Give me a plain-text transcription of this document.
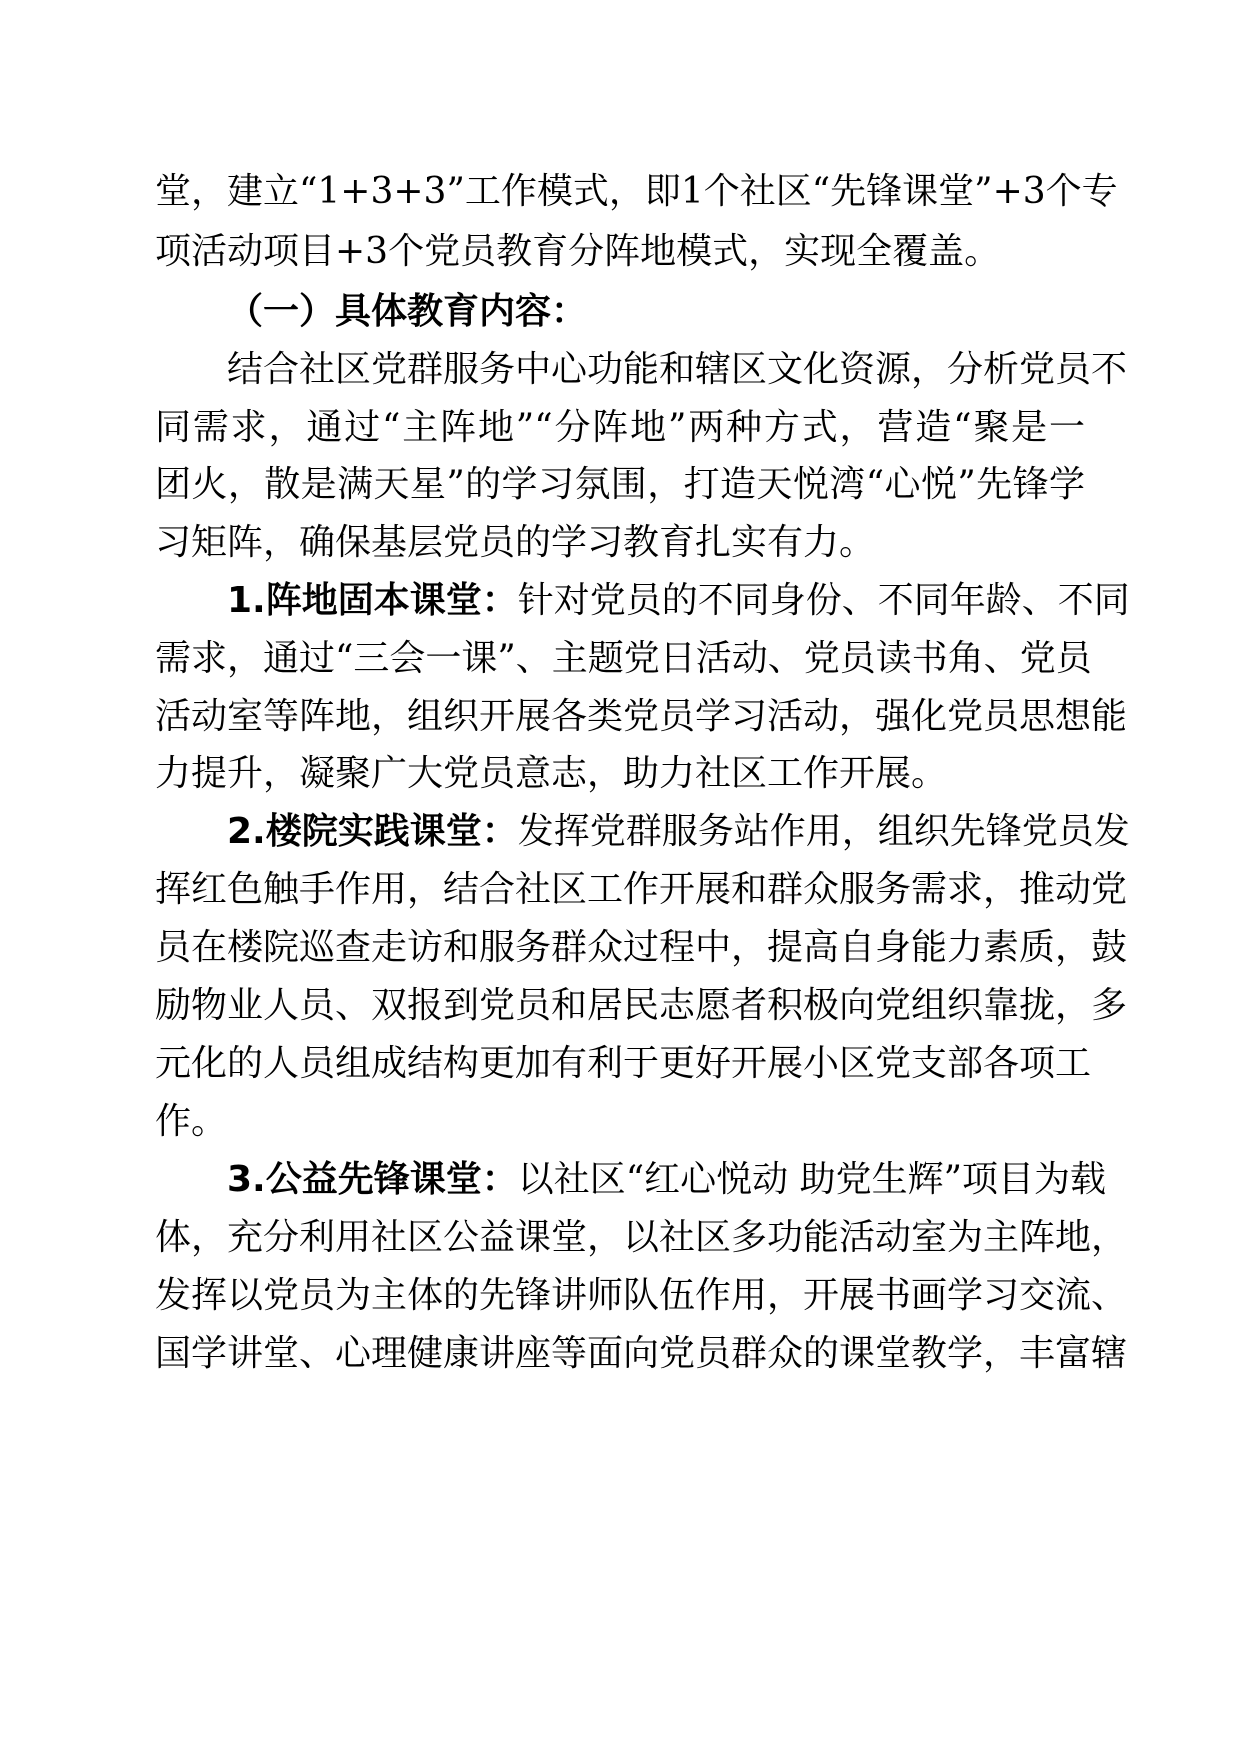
堂，建立“1+3+3”工作模式，即1个社区“先锋课堂”+3个专
项活动项目+3个党员教育分阵地模式，实现全覆盖。
（一）具体教育内容：
结合社区党群服务中心功能和辖区文化资源，分析党员不
同需求，通过“主阵地”“分阵地”两种方式，营造“聚是一
团火，散是满天星”的学习氛围，打造天悦湾“心悦”先锋学
习矩阵，确保基层党员的学习教育扎实有力。
1.阵地固本课堂：针对党员的不同身份、不同年龄、不同
需求，通过“三会一课”、主题党日活动、党员读书角、党员
活动室等阵地，组织开展各类党员学习活动，强化党员思想能
力提升，凝聚广大党员意志，助力社区工作开展。
2.楼院实践课堂：发挥党群服务站作用，组织先锋党员发
挥红色触手作用，结合社区工作开展和群众服务需求，推动党
员在楼院巡查走访和服务群众过程中，提高自身能力素质，鼓
励物业人员、双报到党员和居民志愿者积极向党组织靠拢，多
元化的人员组成结构更加有利于更好开展小区党支部各项工
作。
3.公益先锋课堂：以社区“红心悦动 助党生辉”项目为载
体，充分利用社区公益课堂，以社区多功能活动室为主阵地，
发挥以党员为主体的先锋讲师队伍作用，开展书画学习交流、
国学讲堂、心理健康讲座等面向党员群众的课堂教学，丰富辖
